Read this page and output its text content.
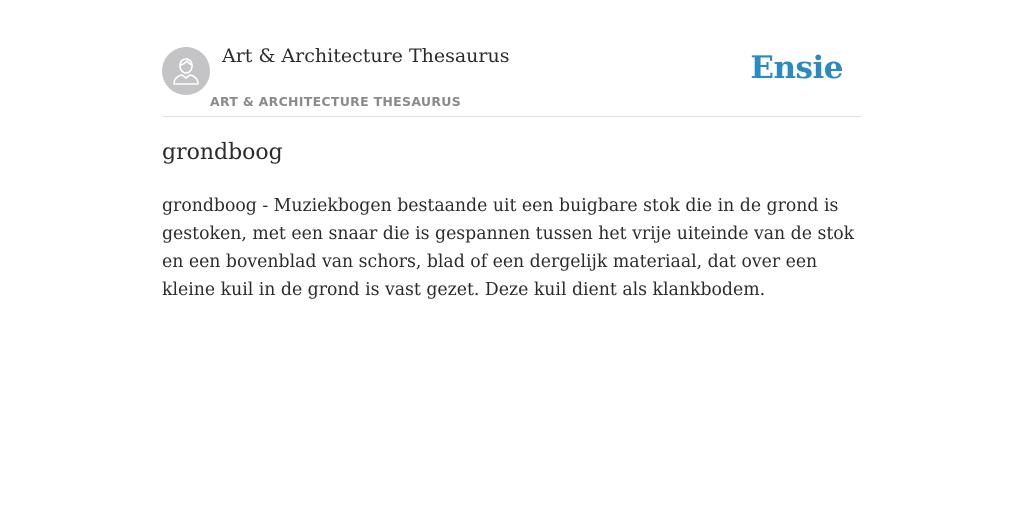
Art & Architecture Thesaurus
ART & ARCHITECTURE THESAURUS
Ensie
grondboog

grondboog - Muziekbogen bestaande uit een buigbare stok die in de grond is gestoken, met een snaar die is gespannen tussen het vrije uiteinde van de stok en een bovenblad van schors, blad of een dergelijk materiaal, dat over een kleine kuil in de grond is vast gezet. Deze kuil dient als klankbodem.
